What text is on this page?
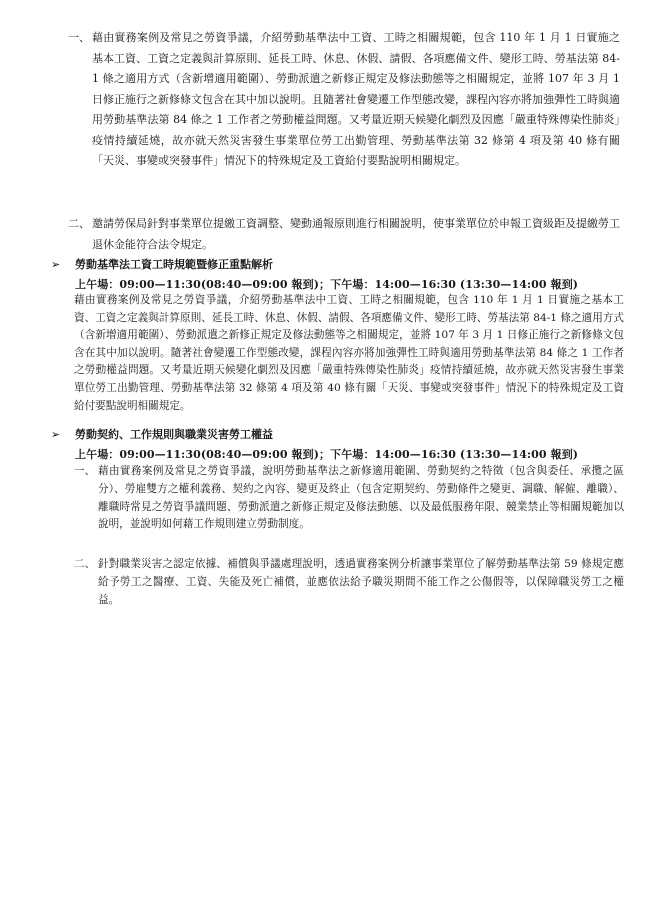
一、 藉由實務案例及常見之勞資爭議，介紹勞動基準法中工資、工時之相關規範，包含 110 年 1 月 1 日實施之基本工資、工資之定義與計算原則、延長工時、休息、休假、請假、各項應備文件、變形工時、勞基法第 84-1 條之適用方式（含新增適用範圍）、勞動派遣之新修正規定及修法動態等之相關規定，並將 107 年 3 月 1 日修正施行之新修條文包含在其中加以說明。且隨著社會變遷工作型態改變，課程內容亦將加強彈性工時與適用勞動基準法第 84 條之 1 工作者之勞動權益問題。又考量近期天候變化劇烈及因應「嚴重特殊傳染性肺炎」疫情持續延燒，故亦就天然災害發生事業單位勞工出勤管理、勞動基準法第 32 條第 4 項及第 40 條有關「天災、事變或突發事件」情況下的特殊規定及工資給付要點說明相關規定。
二、 邀請勞保局針對事業單位提繳工資調整、變動通報原則進行相關說明，使事業單位於申報工資級距及提繳勞工退休金能符合法令規定。
➢ 勞動基準法工資工時規範暨修正重點解析
上午場：09:00—11:30(08:40—09:00 報到)；下午場：14:00—16:30 (13:30—14:00 報到)
藉由實務案例及常見之勞資爭議，介紹勞動基準法中工資、工時之相關規範，包含 110 年 1 月 1 日實施之基本工資、工資之定義與計算原則、延長工時、休息、休假、請假、各項應備文件、變形工時、勞基法第 84-1 條之適用方式（含新增適用範圍）、勞動派遣之新修正規定及修法動態等之相關規定，並將 107 年 3 月 1 日修正施行之新修條文包含在其中加以說明。隨著社會變遷工作型態改變，課程內容亦將加強彈性工時與適用勞動基準法第 84 條之 1 工作者之勞動權益問題。又考量近期天候變化劇烈及因應「嚴重特殊傳染性肺炎」疫情持續延燒，故亦就天然災害發生事業單位勞工出勤管理、勞動基準法第 32 條第 4 項及第 40 條有關「天災、事變或突發事件」情況下的特殊規定及工資給付要點說明相關規定。
➢ 勞動契約、工作規則與職業災害勞工權益
上午場：09:00—11:30(08:40—09:00 報到)；下午場：14:00—16:30 (13:30—14:00 報到)
一、 藉由實務案例及常見之勞資爭議，說明勞動基準法之新修適用範圍、勞動契約之特徵（包含與委任、承攬之區分）、勞雇雙方之權利義務、契約之內容、變更及終止（包含定期契約、勞動條件之變更、調職、解僱、離職）、離職時常見之勞資爭議問題、勞動派遣之新修正規定及修法動態、以及最低服務年限、競業禁止等相關規範加以說明，並說明如何藉工作規則建立勞動制度。
二、 針對職業災害之認定依據、補償與爭議處理說明，透過實務案例分析讓事業單位了解勞動基準法第 59 條規定應給予勞工之醫療、工資、失能及死亡補償，並應依法給予職災期間不能工作之公傷假等，以保障職災勞工之權益。
